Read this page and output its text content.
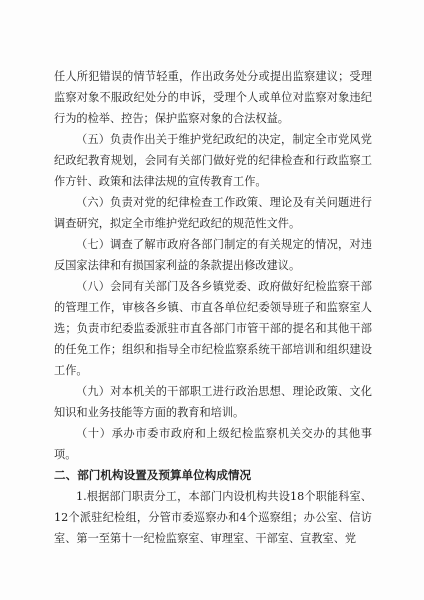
任人所犯错误的情节轻重，作出政务处分或提出监察建议；受理监察对象不服政纪处分的申诉，受理个人或单位对监察对象违纪行为的检举、控告；保护监察对象的合法权益。

（五）负责作出关于维护党纪政纪的决定，制定全市党风党纪政纪教育规划，会同有关部门做好党的纪律检查和行政监察工作方针、政策和法律法规的宣传教育工作。

（六）负责对党的纪律检查工作政策、理论及有关问题进行调查研究，拟定全市维护党纪政纪的规范性文件。

（七）调查了解市政府各部门制定的有关规定的情况，对违反国家法律和有损国家利益的条款提出修改建议。

（八）会同有关部门及各乡镇党委、政府做好纪检监察干部的管理工作，审核各乡镇、市直各单位纪委领导班子和监察室人选；负责市纪委监委派驻市直各部门市管干部的提名和其他干部的任免工作；组织和指导全市纪检监察系统干部培训和组织建设工作。

（九）对本机关的干部职工进行政治思想、理论政策、文化知识和业务技能等方面的教育和培训。

（十）承办市委市政府和上级纪检监察机关交办的其他事项。

二、部门机构设置及预算单位构成情况

1.根据部门职责分工，本部门内设机构共设18个职能科室、12个派驻纪检组，分管市委巡察办和4个巡察组；办公室、信访室、第一至第十一纪检监察室、审理室、干部室、宣教室、党
